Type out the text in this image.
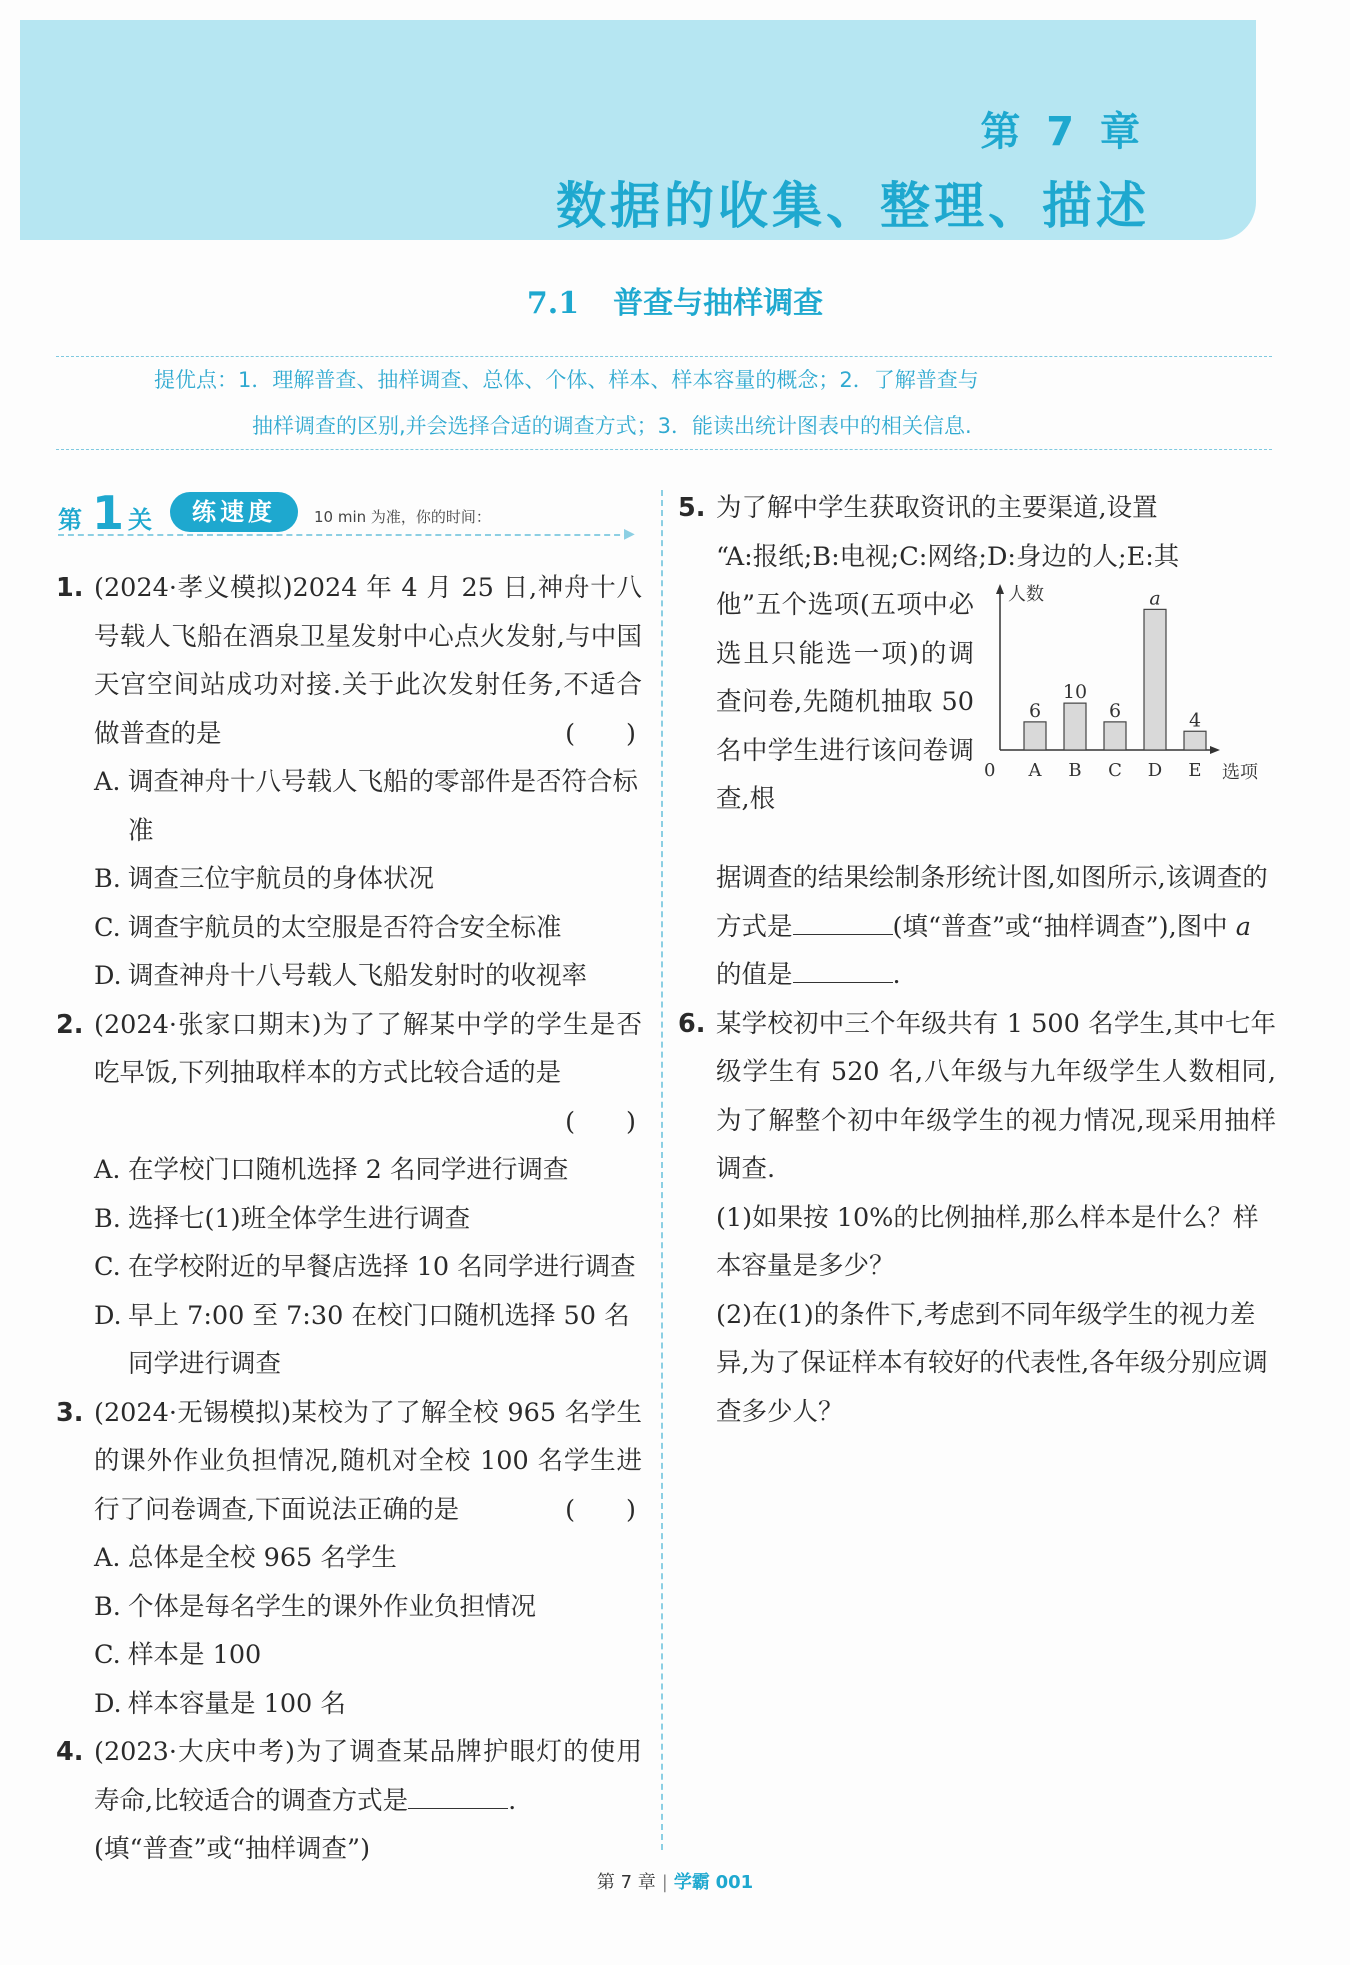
第 7 章
数据的收集、整理、描述
7.1 普查与抽样调查

提优点：1．理解普查、抽样调查、总体、个体、样本、样本容量的概念；2．了解普查与

抽样调查的区别,并会选择合适的调查方式；3．能读出统计图表中的相关信息.

第 1 关	练速度	10 min 为准，你的时间：
▶
1. (2024·孝义模拟)2024 年 4 月 25 日,神舟十八号载人飞船在酒泉卫星发射中心点火发射,与中国天宫空间站成功对接.关于此次发射任务,不适合做普查的是	(　　)
A. 调查神舟十八号载人飞船的零部件是否符合标准
B. 调查三位宇航员的身体状况
C. 调查宇航员的太空服是否符合安全标准
D. 调查神舟十八号载人飞船发射时的收视率
2. (2024·张家口期末)为了了解某中学的学生是否吃早饭,下列抽取样本的方式比较合适的是
(　　)
A. 在学校门口随机选择 2 名同学进行调查
B. 选择七(1)班全体学生进行调查
C. 在学校附近的早餐店选择 10 名同学进行调查
D. 早上 7:00 至 7:30 在校门口随机选择 50 名同学进行调查
3. (2024·无锡模拟)某校为了了解全校 965 名学生的课外作业负担情况,随机对全校 100 名学生进行了问卷调查,下面说法正确的是	(　　)
A. 总体是全校 965 名学生
B. 个体是每名学生的课外作业负担情况
C. 样本是 100
D. 样本容量是 100 名
4. (2023·大庆中考)为了调查某品牌护眼灯的使用寿命,比较适合的调查方式是	.
(填“普查”或“抽样调查”)
5. 为了解中学生获取资讯的主要渠道,设置
“A:报纸;B:电视;C:网络;D:身边的人;E:其
他”五个选项(五项中必选且只能选一项)的调查问卷,先随机抽取 50 名中学生进行该问卷调查,根
人数
选项
0
6
A
10
B
6
C
a
D
4
E
据调查的结果绘制条形统计图,如图所示,该调查的方式是	(填“普查”或“抽样调查”),图中 a 的值是	.
6. 某学校初中三个年级共有 1 500 名学生,其中七年级学生有 520 名,八年级与九年级学生人数相同,为了解整个初中年级学生的视力情况,现采用抽样调查.
(1)如果按 10%的比例抽样,那么样本是什么？样本容量是多少？
(2)在(1)的条件下,考虑到不同年级学生的视力差异,为了保证样本有较好的代表性,各年级分别应调查多少人？
第 7 章 | 学霸 001
